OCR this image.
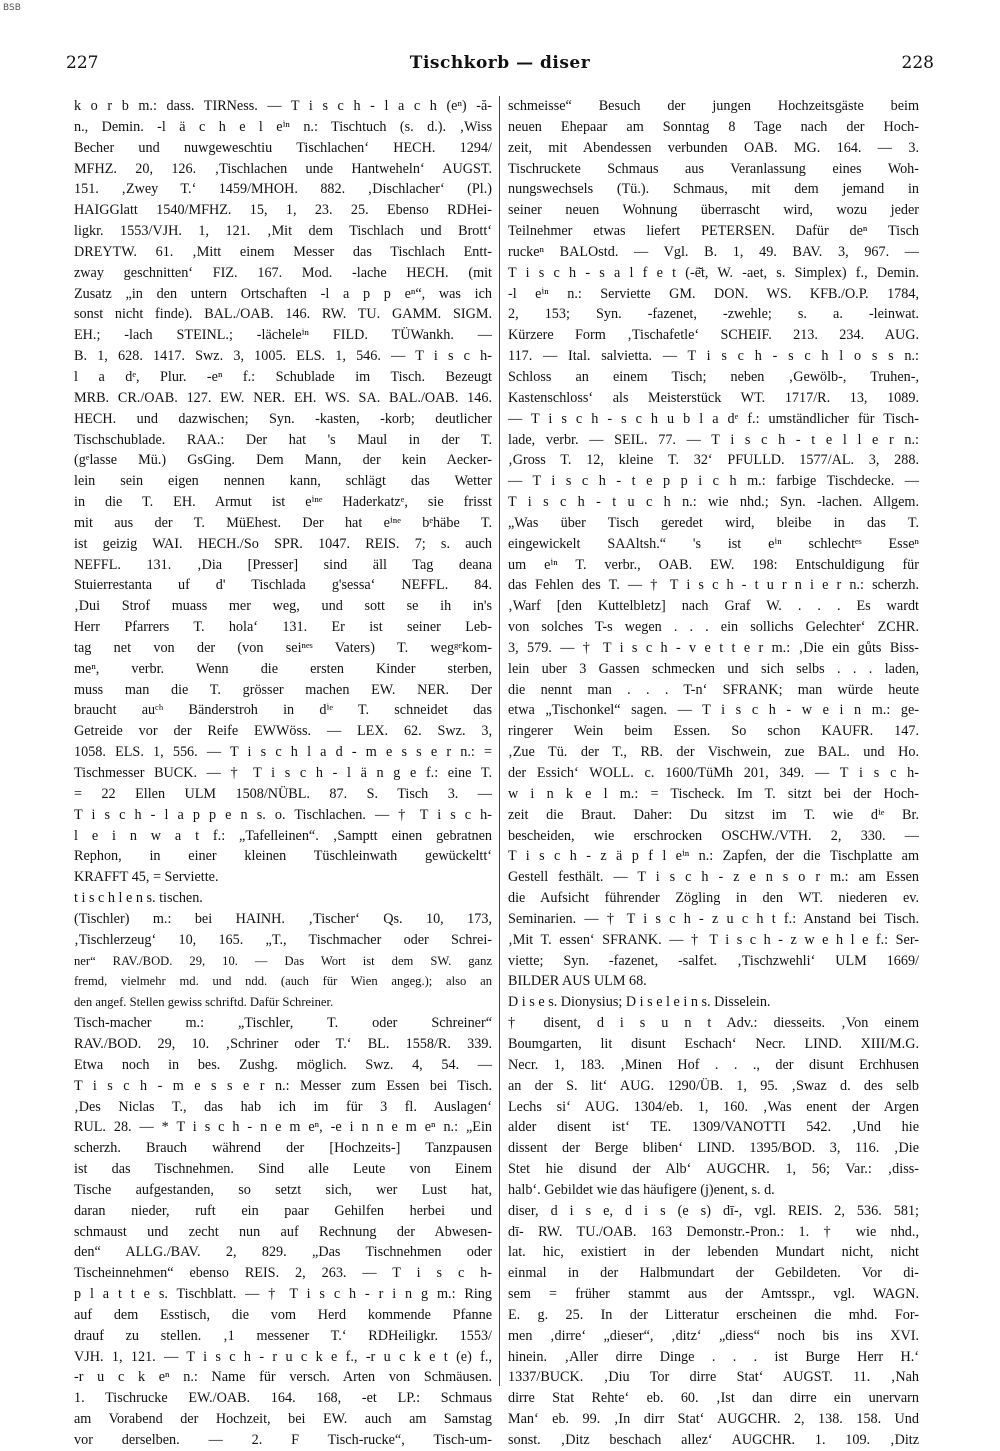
BSB
227	Tischkorb — diser	228
k o r b m.: dass. TIRNess. — T i s c h - l a c h (eⁿ) -ă-
n., Demin. -l ä c h e l eⁱⁿ n.: Tischtuch (s. d.). ‚Wiss
Becher und nuwgeweschtiu Tischlachen‘ HECH. 1294/
MFHZ. 20, 126. ‚Tischlachen unde Hantweheln‘ AUGST.
151. ‚Zwey T.‘ 1459/MHOH. 882. ‚Dischlacher‘ (Pl.)
HAIGGlatt 1540/MFHZ. 15, 1, 23. 25. Ebenso RDHei-
ligkr. 1553/VJH. 1, 121. ‚Mit dem Tischlach und Brott‘
DREYTW. 61. ‚Mitt einem Messer das Tischlach Entt-
zway geschnitten‘ FIZ. 167. Mod. -lache HECH. (mit
Zusatz „in den untern Ortschaften -l a p p eⁿ“, was ich
sonst nicht finde). BAL./OAB. 146. RW. TU. GAMM. SIGM.
EH.; -lach STEINL.; -lächeleⁱⁿ FILD. TÜWankh. —
B. 1, 628. 1417. Swz. 3, 1005. ELS. 1, 546. — T i s c h-
l a dᵉ, Plur. -eⁿ f.: Schublade im Tisch. Bezeugt
MRB. CR./OAB. 127. EW. NER. EH. WS. SA. BAL./OAB. 146.
HECH. und dazwischen; Syn. -kasten, -korb; deutlicher
Tischschublade. RAA.: Der hat 's Maul in der T.
(gᵉlasse Mü.) GsGing. Dem Mann, der kein Aecker-
lein sein eigen nennen kann, schlägt das Wetter
in die T. EH. Armut ist eⁱⁿᵉ Haderkatzᵉ, sie frisst
mit aus der T. MüEhest. Der hat eⁱⁿᵉ bᵉhäbe T.
ist geizig WAI. HECH./So SPR. 1047. REIS. 7; s. auch
NEFFL. 131. ‚Dia [Presser] sind äll Tag deana
Stuierrestanta uf d' Tischlada g'sessa‘ NEFFL. 84.
‚Dui Strof muass mer weg, und sott se ih in's
Herr Pfarrers T. hola‘ 131. Er ist seiner Leb-
tag net von der (von seiⁿᵉˢ Vaters) T. wegᵍᵉkom-
meⁿ, verbr. Wenn die ersten Kinder sterben,
muss man die T. grösser machen EW. NER. Der
braucht auᶜʰ Bänderstroh in dⁱᵉ T. schneidet das
Getreide vor der Reife EWWöss. — LEX. 62. Swz. 3,
1058. ELS. 1, 556. — T i s c h l a d - m e s s e r n.: =
Tischmesser BUCK. — † T i s c h - l ä n g e f.: eine T.
= 22 Ellen ULM 1508/NÜBL. 87. S. Tisch 3. —
T i s c h - l a p p e n s. o. Tischlachen. — † T i s c h-
l e i n w a t f.: „Tafelleinen“. ‚Samptt einen gebratnen
Rephon, in einer kleinen Tüschleinwath gewückeltt‘
KRAFFT 45, = Serviette.
t i s c h l e n s. tischen.
(Tischler) m.: bei HAINH. ‚Tischer‘ Qs. 10, 173,
‚Tischlerzeug‘ 10, 165. „T., Tischmacher oder Schrei-
ner“ RAV./BOD. 29, 10. — Das Wort ist dem SW. ganz
fremd, vielmehr md. und ndd. (auch für Wien angeg.); also an
den angef. Stellen gewiss schriftd. Dafür Schreiner.
Tisch-macher m.: „Tischler, T. oder Schreiner“
RAV./BOD. 29, 10. ‚Schriner oder T.‘ BL. 1558/R. 339.
Etwa noch in bes. Zushg. möglich. Swz. 4, 54. —
T i s c h - m e s s e r n.: Messer zum Essen bei Tisch.
‚Des Niclas T., das hab ich im für 3 fl. Auslagen‘
RUL. 28. — * T i s c h - n e m eⁿ, -e i n n e m eⁿ n.: „Ein
scherzh. Brauch während der [Hochzeits-] Tanzpausen
ist das Tischnehmen. Sind alle Leute von Einem
Tische aufgestanden, so setzt sich, wer Lust hat,
daran nieder, ruft ein paar Gehilfen herbei und
schmaust und zecht nun auf Rechnung der Abwesen-
den“ ALLG./BAV. 2, 829. „Das Tischnehmen oder
Tischeinnehmen“ ebenso REIS. 2, 263. — T i s c h-
p l a t t e s. Tischblatt. — † T i s c h - r i n g m.: Ring
auf dem Esstisch, die vom Herd kommende Pfanne
drauf zu stellen. ‚1 messener T.‘ RDHeiligkr. 1553/
VJH. 1, 121. — T i s c h - r u c k e f., -r u c k e t (e) f.,
-r u c k eⁿ n.: Name für versch. Arten von Schmäusen.
1. Tischrucke EW./OAB. 164. 168, -et LP.: Schmaus
am Vorabend der Hochzeit, bei EW. auch am Samstag
vor derselben. — 2. F Tisch-rucke“, Tisch-um-
schmeisse“ Besuch der jungen Hochzeitsgäste beim
neuen Ehepaar am Sonntag 8 Tage nach der Hoch-
zeit, mit Abendessen verbunden OAB. MG. 164. — 3.
Tischruckete Schmaus aus Veranlassung eines Woh-
nungswechsels (Tü.). Schmaus, mit dem jemand in
seiner neuen Wohnung überrascht wird, wozu jeder
Teilnehmer etwas liefert PETERSEN. Dafür deⁿ Tisch
ruckeⁿ BALOstd. — Vgl. B. 1, 49. BAV. 3, 967. —
T i s c h - s a l f e t (-ē̆t, W. -aet, s. Simplex) f., Demin.
-l eⁱⁿ n.: Serviette GM. DON. WS. KFB./O.P. 1784,
2, 153; Syn. -fazenet, -zwehle; s. a. -leinwat.
Kürzere Form ‚Tischafetle‘ SCHEIF. 213. 234. AUG.
117. — Ital. salvietta. — T i s c h - s c h l o s s n.:
Schloss an einem Tisch; neben ‚Gewölb-, Truhen-,
Kastenschloss‘ als Meisterstück WT. 1717/R. 13, 1089.
— T i s c h - s c h u b l a dᵉ f.: umständlicher für Tisch-
lade, verbr. — SEIL. 77. — T i s c h - t e l l e r n.:
‚Gross T. 12, kleine T. 32‘ PFULLD. 1577/AL. 3, 288.
— T i s c h - t e p p i c h m.: farbige Tischdecke. —
T i s c h - t u c h n.: wie nhd.; Syn. -lachen. Allgem.
„Was über Tisch geredet wird, bleibe in das T.
eingewickelt SAAltsh.“ 's ist eⁱⁿ schlechtᵉˢ Esseⁿ
um eⁱⁿ T. verbr., OAB. EW. 198: Entschuldigung für
das Fehlen des T. — † T i s c h - t u r n i e r n.: scherzh.
‚Warf [den Kuttelbletz] nach Graf W. . . . Es wardt
von solches T-s wegen . . . ein sollichs Gelechter‘ ZCHR.
3, 579. — † T i s c h - v e t t e r m.: ‚Die ein gůts Biss-
lein uber 3 Gassen schmecken und sich selbs . . . laden,
die nennt man . . . T-n‘ SFRANK; man würde heute
etwa „Tischonkel“ sagen. — T i s c h - w e i n m.: ge-
ringerer Wein beim Essen. So schon KAUFR. 147.
‚Zue Tü. der T., RB. der Vischwein, zue BAL. und Ho.
der Essich‘ WOLL. c. 1600/TüMh 201, 349. — T i s c h-
w i n k e l m.: = Tischeck. Im T. sitzt bei der Hoch-
zeit die Braut. Daher: Du sitzst im T. wie dⁱᵉ Br.
bescheiden, wie erschrocken OSCHW./VTH. 2, 330. —
T i s c h - z ä p f l eⁱⁿ n.: Zapfen, der die Tischplatte am
Gestell festhält. — T i s c h - z e n s o r m.: am Essen
die Aufsicht führender Zögling in den WT. niederen ev.
Seminarien. — † T i s c h - z u c h t f.: Anstand bei Tisch.
‚Mit T. essen‘ SFRANK. — † T i s c h - z w e h l e f.: Ser-
viette; Syn. -fazenet, -salfet. ‚Tischzwehli‘ ULM 1669/
BILDER AUS ULM 68.
D i s e s. Dionysius; D i s e l e i n s. Disselein.
† disent, d i s u n t Adv.: diesseits. ‚Von einem
Boumgarten, lit disunt Eschach‘ Necr. LIND. XIII/M.G.
Necr. 1, 183. ‚Minen Hof . . ., der disunt Erchhusen
an der S. lit‘ AUG. 1290/ÜB. 1, 95. ‚Swaz d. des selb
Lechs si‘ AUG. 1304/eb. 1, 160. ‚Was enent der Argen
alder disent ist‘ TE. 1309/VANOTTI 542. ‚Und hie
dissent der Berge bliben‘ LIND. 1395/BOD. 3, 116. ‚Die
Stet hie disund der Alb‘ AUGCHR. 1, 56; Var.: ‚diss-
halb‘. Gebildet wie das häufigere (j)enent, s. d.
diser, d i s e, d i s (e s) dī-, vgl. REIS. 2, 536. 581;
dī- RW. TU./OAB. 163 Demonstr.-Pron.: 1. † wie nhd.,
lat. hic, existiert in der lebenden Mundart nicht, nicht
einmal in der Halbmundart der Gebildeten. Vor di-
sem = früher stammt aus der Amtsspr., vgl. WAGN.
E. g. 25. In der Litteratur erscheinen die mhd. For-
men ‚dirre‘ „dieser“, ‚ditz‘ „diess“ noch bis ins XVI.
hinein. ‚Aller dirre Dinge . . . ist Burge Herr H.‘
1337/BUCK. ‚Diu Tor dirre Stat‘ AUGST. 11. ‚Nah
dirre Stat Rehte‘ eb. 60. ‚Ist dan dirre ein unervarn
Man‘ eb. 99. ‚In dirr Stat‘ AUGCHR. 2, 138. 158. Und
sonst. ‚Ditz beschach allez‘ AUGCHR. 1. 109. ‚Ditz
